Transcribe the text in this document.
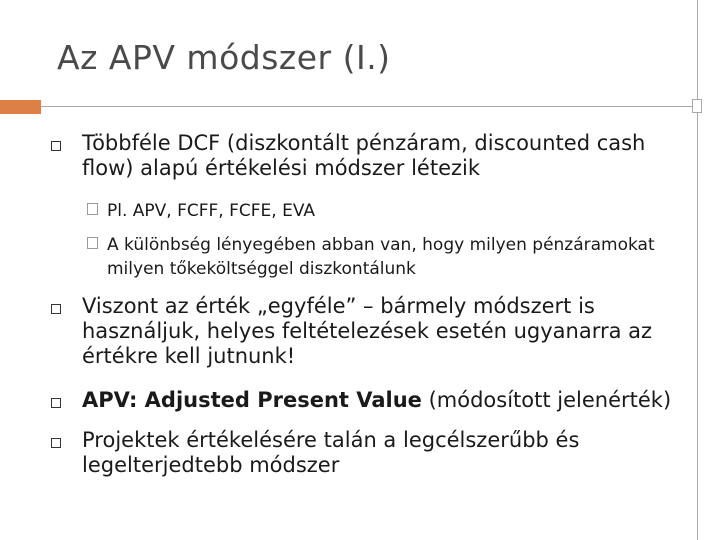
Az APV módszer (I.)
Többféle DCF (diszkontált pénzáram, discounted cash flow) alapú értékelési módszer létezik
Pl. APV, FCFF, FCFE, EVA
A különbség lényegében abban van, hogy milyen pénzáramokat milyen tőkeköltséggel diszkontálunk
Viszont az érték „egyféle” – bármely módszert is használjuk, helyes feltételezések esetén ugyanarra az értékre kell jutnunk!
APV: Adjusted Present Value (módosított jelenérték)
Projektek értékelésére talán a legcélszerűbb és legelterjedtebb módszer
